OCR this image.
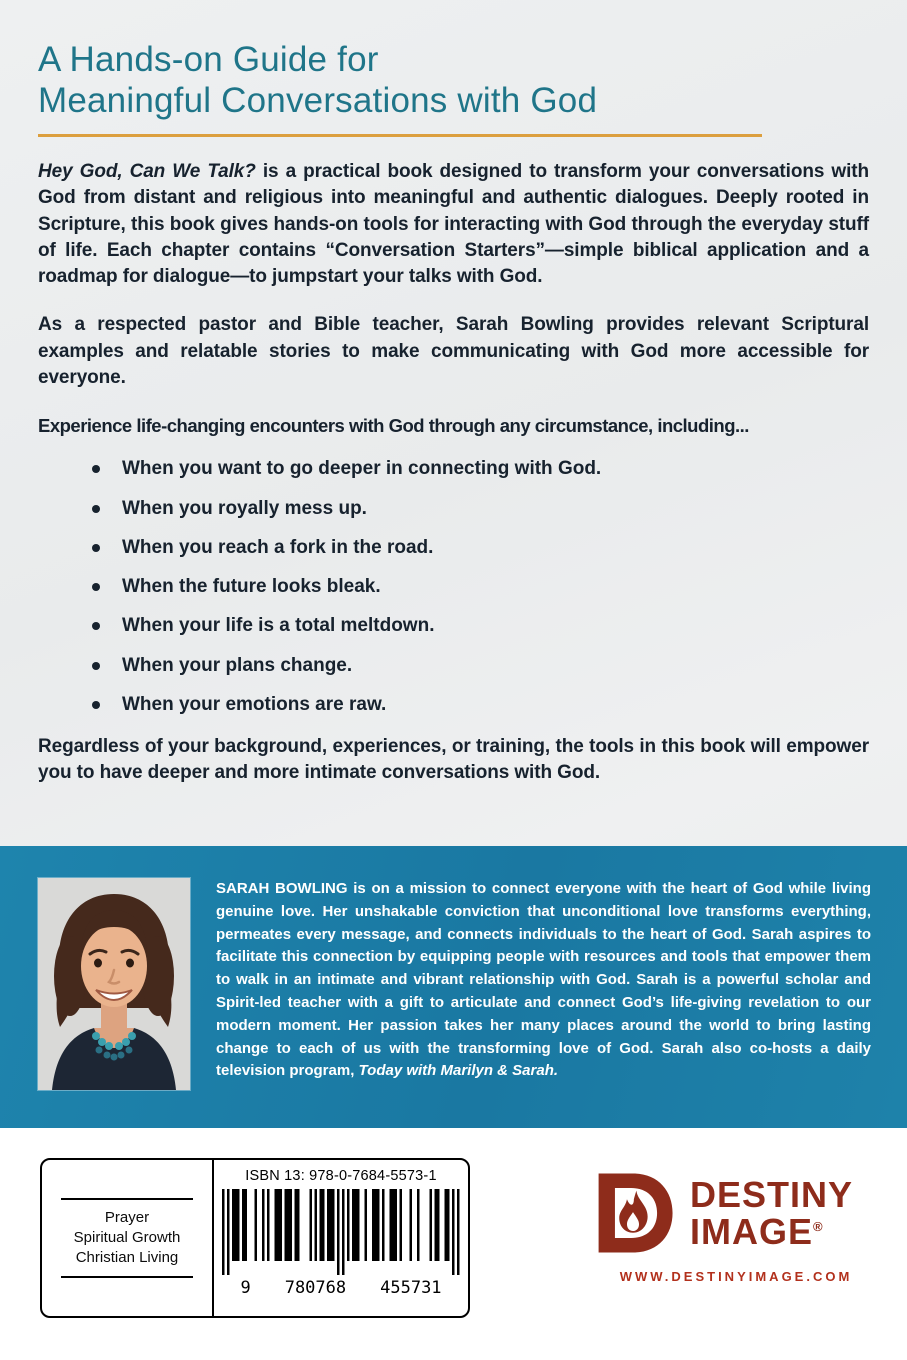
A Hands-on Guide for
Meaningful Conversations with God

Hey God, Can We Talk? is a practical book designed to transform your conversations with God from distant and religious into meaningful and authentic dialogues. Deeply rooted in Scripture, this book gives hands-on tools for interacting with God through the everyday stuff of life. Each chapter contains “Conversation Starters”—simple biblical application and a roadmap for dialogue—to jumpstart your talks with God.

As a respected pastor and Bible teacher, Sarah Bowling provides relevant Scriptural examples and relatable stories to make communicating with God more accessible for everyone.

Experience life-changing encounters with God through any circumstance, including...

When you want to go deeper in connecting with God.
When you royally mess up.
When you reach a fork in the road.
When the future looks bleak.
When your life is a total meltdown.
When your plans change.
When your emotions are raw.

Regardless of your background, experiences, or training, the tools in this book will empower you to have deeper and more intimate conversations with God.

SARAH BOWLING is on a mission to connect everyone with the heart of God while living genuine love. Her unshakable conviction that unconditional love transforms everything, permeates every message, and connects individuals to the heart of God. Sarah aspires to facilitate this connection by equipping people with resources and tools that empower them to walk in an intimate and vibrant relationship with God. Sarah is a powerful scholar and Spirit-led teacher with a gift to articulate and connect God’s life-giving revelation to our modern moment. Her passion takes her many places around the world to bring lasting change to each of us with the transforming love of God. Sarah also co-hosts a daily television program, Today with Marilyn & Sarah.

Prayer
Spiritual Growth
Christian Living
ISBN 13: 978-0-7684-5573-1
9 780768 455731
DESTINY
IMAGE®
WWW.DESTINYIMAGE.COM
